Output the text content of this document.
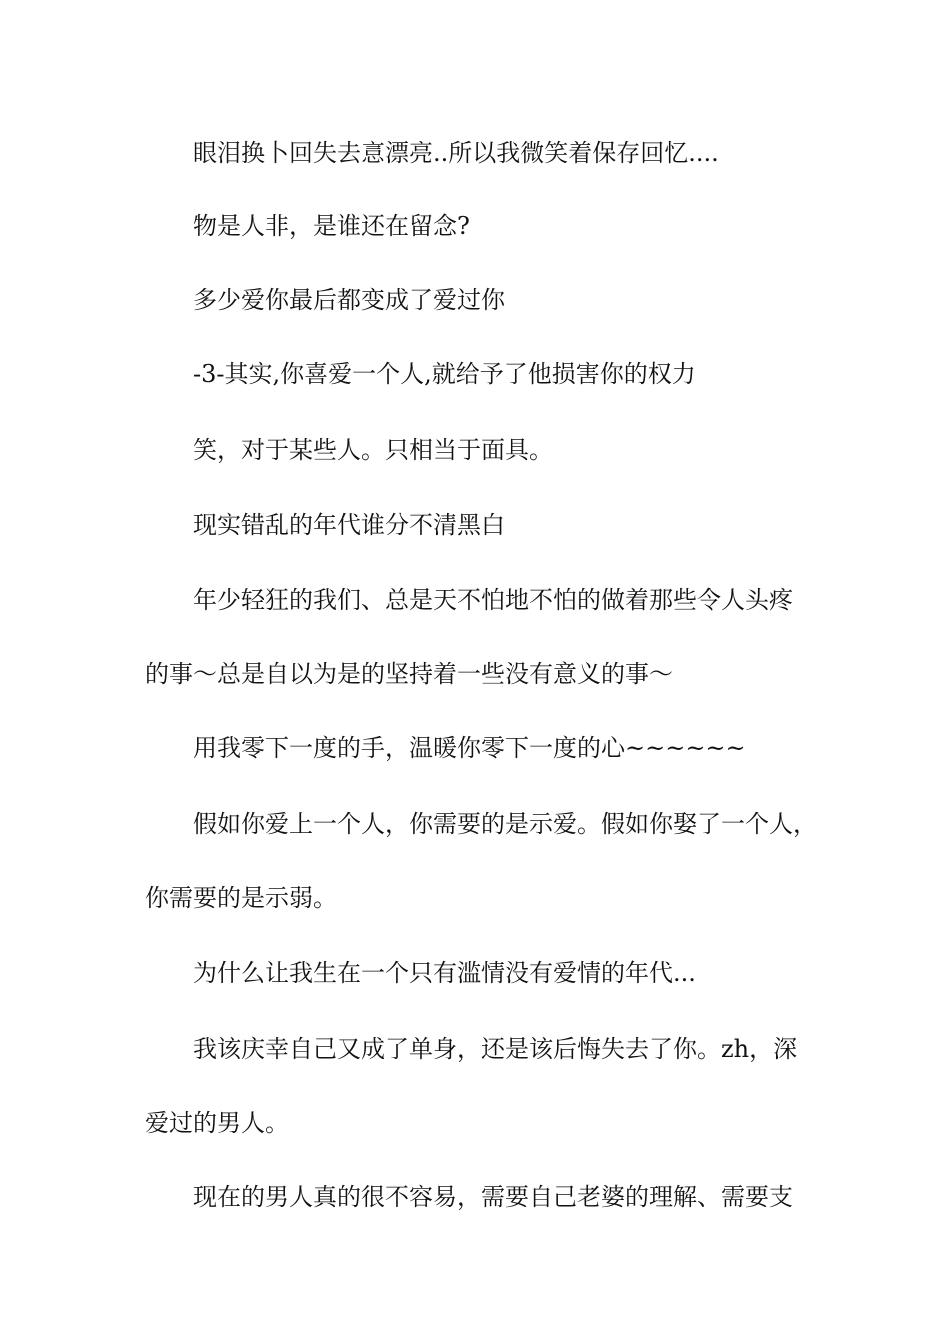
眼泪换卜回失去悥漂亮..所以我微笑着保存回忆....
物是人非，是谁还在留念?
多少爱你最后都变成了爱过你
-3-其实,你喜爱一个人,就给予了他损害你的权力
笑，对于某些人。只相当于面具。
现实错乱的年代谁分不清黑白
年少轻狂的我们、总是天不怕地不怕的做着那些令人头疼
的事～总是自以为是的坚持着一些没有意义的事～
用我零下一度的手，温暖你零下一度的心~~~~~~
假如你爱上一个人，你需要的是示爱。假如你娶了一个人，
你需要的是示弱。
为什么让我生在一个只有滥情没有爱情的年代...
我该庆幸自己又成了单身，还是该后悔失去了你。zh，深
爱过的男人。
现在的男人真的很不容易，需要自己老婆的理解、需要支
